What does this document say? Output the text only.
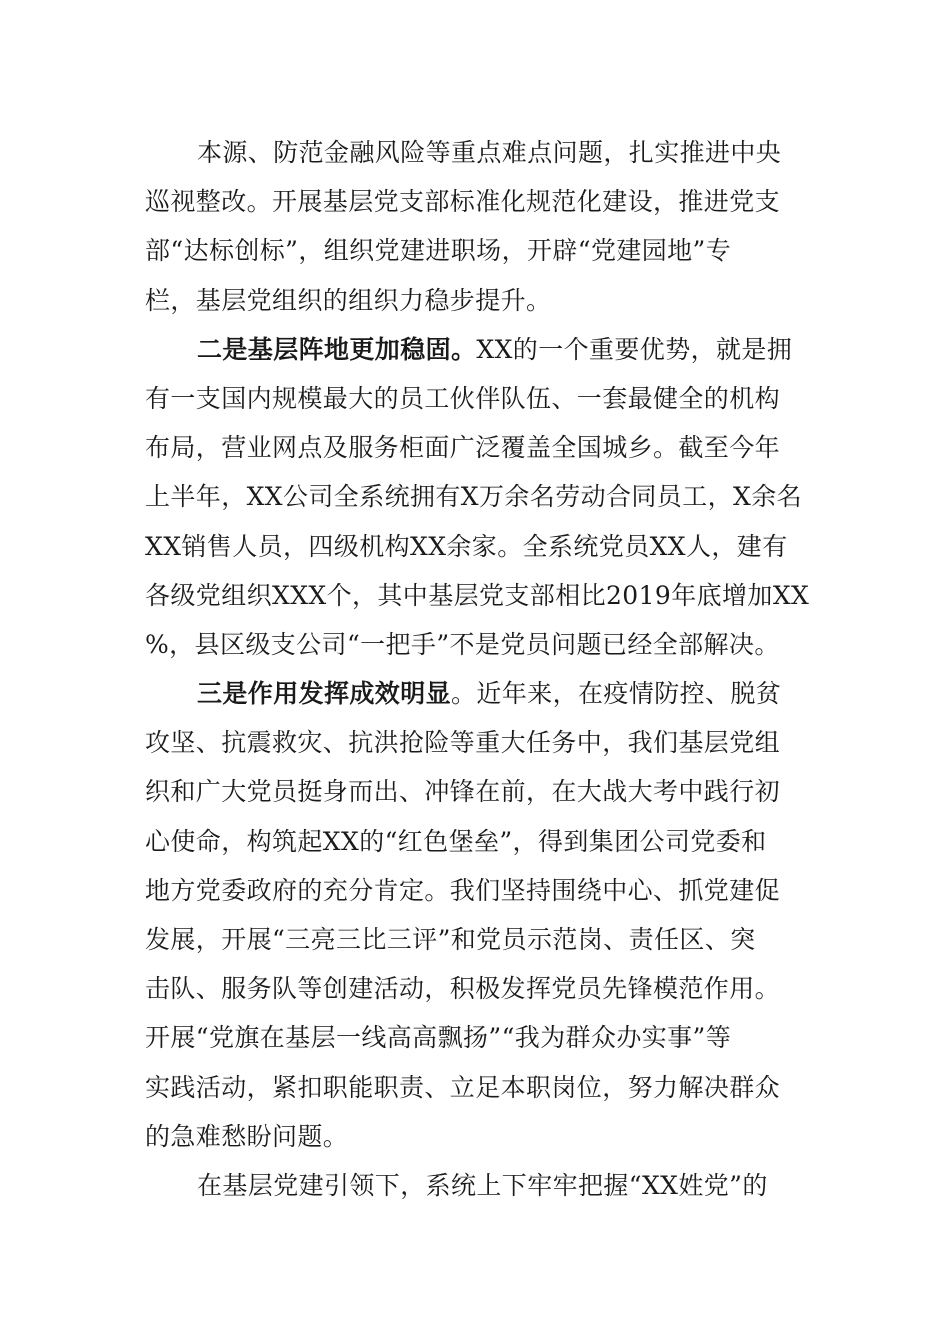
本源、防范金融风险等重点难点问题，扎实推进中央
巡视整改。开展基层党支部标准化规范化建设，推进党支
部“达标创标”，组织党建进职场，开辟“党建园地”专
栏，基层党组织的组织力稳步提升。
二是基层阵地更加稳固。XX的一个重要优势，就是拥
有一支国内规模最大的员工伙伴队伍、一套最健全的机构
布局，营业网点及服务柜面广泛覆盖全国城乡。截至今年
上半年，XX公司全系统拥有X万余名劳动合同员工，X余名
XX销售人员，四级机构XX余家。全系统党员XX人，建有
各级党组织XXX个，其中基层党支部相比2019年底增加XX
%，县区级支公司“一把手”不是党员问题已经全部解决。
三是作用发挥成效明显。近年来，在疫情防控、脱贫
攻坚、抗震救灾、抗洪抢险等重大任务中，我们基层党组
织和广大党员挺身而出、冲锋在前，在大战大考中践行初
心使命，构筑起XX的“红色堡垒”，得到集团公司党委和
地方党委政府的充分肯定。我们坚持围绕中心、抓党建促
发展，开展“三亮三比三评”和党员示范岗、责任区、突
击队、服务队等创建活动，积极发挥党员先锋模范作用。
开展“党旗在基层一线高高飘扬”“我为群众办实事”等
实践活动，紧扣职能职责、立足本职岗位，努力解决群众
的急难愁盼问题。
在基层党建引领下，系统上下牢牢把握“XX姓党”的
